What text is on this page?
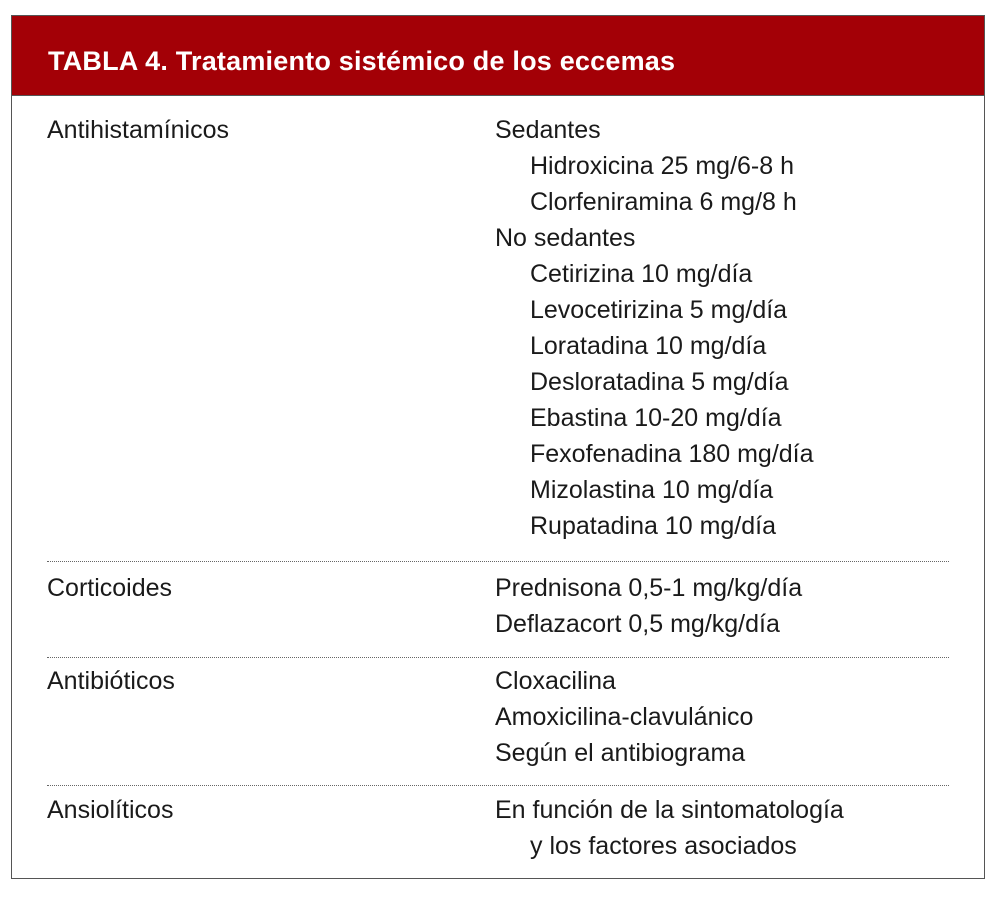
TABLA 4. Tratamiento sistémico de los eccemas
Antihistamínicos	Sedantes
Hidroxicina 25 mg/6-8 h
Clorfeniramina 6 mg/8 h
No sedantes
Cetirizina 10 mg/día
Levocetirizina 5 mg/día
Loratadina 10 mg/día
Desloratadina 5 mg/día
Ebastina 10-20 mg/día
Fexofenadina 180 mg/día
Mizolastina 10 mg/día
Rupatadina 10 mg/día
Corticoides	Prednisona 0,5-1 mg/kg/día
Deflazacort 0,5 mg/kg/día
Antibióticos	Cloxacilina
Amoxicilina-clavulánico
Según el antibiograma
Ansiolíticos	En función de la sintomatología
y los factores asociados
